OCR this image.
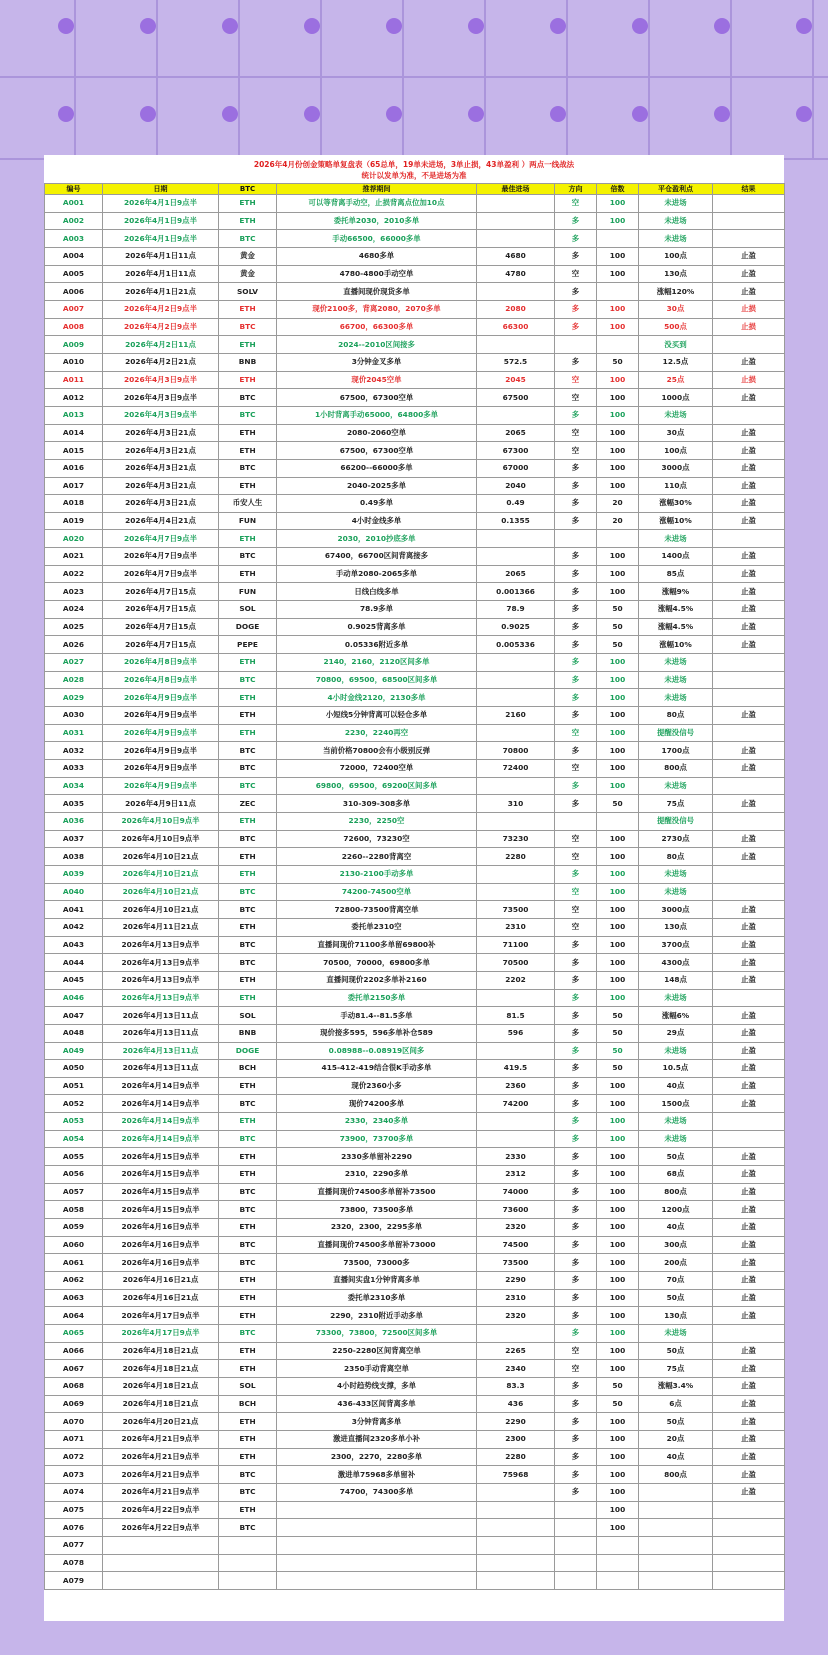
2026年4月份创金策略单复盘表（65总单，19单未进场，3单止损，43单盈利 ）两点一线战法
统计以发单为准，不是进场为准
编号	日期	BTC	推荐期间	最佳进场	方向	倍数	平仓盈利点	结果
A001	2026年4月1日9点半	ETH	可以等背离手动空，止损背离点位加10点		空	100	未进场	
A002	2026年4月1日9点半	ETH	委托单2030，2010多单		多	100	未进场	
A003	2026年4月1日9点半	BTC	手动66500，66000多单		多		未进场	
A004	2026年4月1日11点	黄金	4680多单	4680	多	100	100点	止盈
A005	2026年4月1日11点	黄金	4780-4800手动空单	4780	空	100	130点	止盈
A006	2026年4月1日21点	SOLV	直播间现价现货多单		多		涨幅120%	止盈
A007	2026年4月2日9点半	ETH	现价2100多，背离2080，2070多单	2080	多	100	30点	止损
A008	2026年4月2日9点半	BTC	66700，66300多单	66300	多	100	500点	止损
A009	2026年4月2日11点	ETH	2024--2010区间接多				没买到	
A010	2026年4月2日21点	BNB	3分钟金叉多单	572.5	多	50	12.5点	止盈
A011	2026年4月3日9点半	ETH	现价2045空单	2045	空	100	25点	止损
A012	2026年4月3日9点半	BTC	67500，67300空单	67500	空	100	1000点	止盈
A013	2026年4月3日9点半	BTC	1小时背离手动65000，64800多单		多	100	未进场	
A014	2026年4月3日21点	ETH	2080-2060空单	2065	空	100	30点	止盈
A015	2026年4月3日21点	ETH	67500，67300空单	67300	空	100	100点	止盈
A016	2026年4月3日21点	BTC	66200--66000多单	67000	多	100	3000点	止盈
A017	2026年4月3日21点	ETH	2040-2025多单	2040	多	100	110点	止盈
A018	2026年4月3日21点	币安人生	0.49多单	0.49	多	20	涨幅30%	止盈
A019	2026年4月4日21点	FUN	4小时金线多单	0.1355	多	20	涨幅10%	止盈
A020	2026年4月7日9点半	ETH	2030，2010抄底多单				未进场	
A021	2026年4月7日9点半	BTC	67400，66700区间背离接多		多	100	1400点	止盈
A022	2026年4月7日9点半	ETH	手动单2080-2065多单	2065	多	100	85点	止盈
A023	2026年4月7日15点	FUN	日线白线多单	0.001366	多	100	涨幅9%	止盈
A024	2026年4月7日15点	SOL	78.9多单	78.9	多	50	涨幅4.5%	止盈
A025	2026年4月7日15点	DOGE	0.9025背离多单	0.9025	多	50	涨幅4.5%	止盈
A026	2026年4月7日15点	PEPE	0.05336附近多单	0.005336	多	50	涨幅10%	止盈
A027	2026年4月8日9点半	ETH	2140，2160，2120区间多单		多	100	未进场	
A028	2026年4月8日9点半	BTC	70800，69500，68500区间多单		多	100	未进场	
A029	2026年4月9日9点半	ETH	4小时金线2120，2130多单		多	100	未进场	
A030	2026年4月9日9点半	ETH	小短线5分钟背离可以轻仓多单	2160	多	100	80点	止盈
A031	2026年4月9日9点半	ETH	2230，2240再空		空	100	提醒没信号	
A032	2026年4月9日9点半	BTC	当前价格70800会有小级别反弹	70800	多	100	1700点	止盈
A033	2026年4月9日9点半	BTC	72000，72400空单	72400	空	100	800点	止盈
A034	2026年4月9日9点半	BTC	69800，69500，69200区间多单		多	100	未进场	
A035	2026年4月9日11点	ZEC	310-309-308多单	310	多	50	75点	止盈
A036	2026年4月10日9点半	ETH	2230，2250空				提醒没信号	
A037	2026年4月10日9点半	BTC	72600，73230空	73230	空	100	2730点	止盈
A038	2026年4月10日21点	ETH	2260--2280背离空	2280	空	100	80点	止盈
A039	2026年4月10日21点	ETH	2130-2100手动多单		多	100	未进场	
A040	2026年4月10日21点	BTC	74200-74500空单		空	100	未进场	
A041	2026年4月10日21点	BTC	72800-73500背离空单	73500	空	100	3000点	止盈
A042	2026年4月11日21点	ETH	委托单2310空	2310	空	100	130点	止盈
A043	2026年4月13日9点半	BTC	直播间现价71100多单留69800补	71100	多	100	3700点	止盈
A044	2026年4月13日9点半	BTC	70500，70000，69800多单	70500	多	100	4300点	止盈
A045	2026年4月13日9点半	ETH	直播间现价2202多单补2160	2202	多	100	148点	止盈
A046	2026年4月13日9点半	ETH	委托单2150多单		多	100	未进场	
A047	2026年4月13日11点	SOL	手动81.4--81.5多单	81.5	多	50	涨幅6%	止盈
A048	2026年4月13日11点	BNB	现价接多595，596多单补仓589	596	多	50	29点	止盈
A049	2026年4月13日11点	DOGE	0.08988--0.08919区间多		多	50	未进场	止盈
A050	2026年4月13日11点	BCH	415-412-419结合很K手动多单	419.5	多	50	10.5点	止盈
A051	2026年4月14日9点半	ETH	现价2360小多	2360	多	100	40点	止盈
A052	2026年4月14日9点半	BTC	现价74200多单	74200	多	100	1500点	止盈
A053	2026年4月14日9点半	ETH	2330，2340多单		多	100	未进场	
A054	2026年4月14日9点半	BTC	73900，73700多单		多	100	未进场	
A055	2026年4月15日9点半	ETH	2330多单留补2290	2330	多	100	50点	止盈
A056	2026年4月15日9点半	ETH	2310，2290多单	2312	多	100	68点	止盈
A057	2026年4月15日9点半	BTC	直播间现价74500多单留补73500	74000	多	100	800点	止盈
A058	2026年4月15日9点半	BTC	73800，73500多单	73600	多	100	1200点	止盈
A059	2026年4月16日9点半	ETH	2320，2300，2295多单	2320	多	100	40点	止盈
A060	2026年4月16日9点半	BTC	直播间现价74500多单留补73000	74500	多	100	300点	止盈
A061	2026年4月16日9点半	BTC	73500，73000多	73500	多	100	200点	止盈
A062	2026年4月16日21点	ETH	直播间实盘1分钟背离多单	2290	多	100	70点	止盈
A063	2026年4月16日21点	ETH	委托单2310多单	2310	多	100	50点	止盈
A064	2026年4月17日9点半	ETH	2290，2310附近手动多单	2320	多	100	130点	止盈
A065	2026年4月17日9点半	BTC	73300，73800，72500区间多单		多	100	未进场	
A066	2026年4月18日21点	ETH	2250-2280区间背离空单	2265	空	100	50点	止盈
A067	2026年4月18日21点	ETH	2350手动背离空单	2340	空	100	75点	止盈
A068	2026年4月18日21点	SOL	4小时趋势线支撑，多单	83.3	多	50	涨幅3.4%	止盈
A069	2026年4月18日21点	BCH	436-433区间背离多单	436	多	50	6点	止盈
A070	2026年4月20日21点	ETH	3分钟背离多单	2290	多	100	50点	止盈
A071	2026年4月21日9点半	ETH	激进直播间2320多单小补	2300	多	100	20点	止盈
A072	2026年4月21日9点半	ETH	2300，2270，2280多单	2280	多	100	40点	止盈
A073	2026年4月21日9点半	BTC	激进单75968多单留补	75968	多	100	800点	止盈
A074	2026年4月21日9点半	BTC	74700，74300多单		多	100		止盈
A075	2026年4月22日9点半	ETH				100		
A076	2026年4月22日9点半	BTC				100		
A077								
A078								
A079								
